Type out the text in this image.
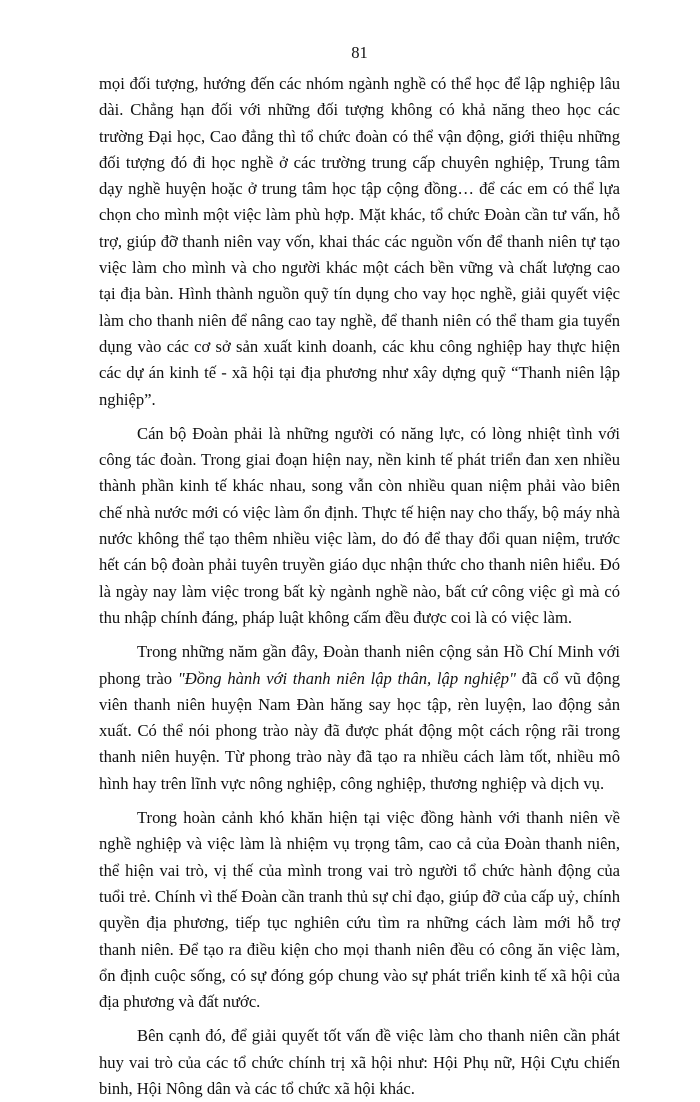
81

mọi đối tượng, hướng đến các nhóm ngành nghề có thể học để lập nghiệp lâu dài. Chẳng hạn đối với những đối tượng không có khả năng theo học các trường Đại học, Cao đẳng thì tổ chức đoàn có thể vận động, giới thiệu những đối tượng đó đi học nghề ở các trường trung cấp chuyên nghiệp, Trung tâm dạy nghề huyện hoặc ở trung tâm học tập cộng đồng… để các em có thể lựa chọn cho mình một việc làm phù hợp. Mặt khác, tổ chức Đoàn cần tư vấn, hỗ trợ, giúp đỡ thanh niên vay vốn, khai thác các nguồn vốn để thanh niên tự tạo việc làm cho mình và cho người khác một cách bền vững và chất lượng cao tại địa bàn. Hình thành nguồn quỹ tín dụng cho vay học nghề, giải quyết việc làm cho thanh niên để nâng cao tay nghề, để thanh niên có thể tham gia tuyển dụng vào các cơ sở sản xuất kinh doanh, các khu công nghiệp hay thực hiện các dự án kinh tế - xã hội tại địa phương như xây dựng quỹ “Thanh niên lập nghiệp”.

Cán bộ Đoàn phải là những người có năng lực, có lòng nhiệt tình với công tác đoàn. Trong giai đoạn hiện nay, nền kinh tế phát triển đan xen nhiều thành phần kinh tế khác nhau, song vẫn còn nhiều quan niệm phải vào biên chế nhà nước mới có việc làm ổn định. Thực tế hiện nay cho thấy, bộ máy nhà nước không thể tạo thêm nhiều việc làm, do đó để thay đổi quan niệm, trước hết cán bộ đoàn phải tuyên truyền giáo dục nhận thức cho thanh niên hiểu. Đó là ngày nay làm việc trong bất kỳ ngành nghề nào, bất cứ công việc gì mà có thu nhập chính đáng, pháp luật không cấm đều được coi là có việc làm.

Trong những năm gần đây, Đoàn thanh niên cộng sản Hồ Chí Minh với phong trào "Đồng hành với thanh niên lập thân, lập nghiệp" đã cổ vũ động viên thanh niên huyện Nam Đàn hăng say học tập, rèn luyện, lao động sản xuất. Có thể nói phong trào này đã được phát động một cách rộng rãi trong thanh niên huyện. Từ phong trào này đã tạo ra nhiều cách làm tốt, nhiều mô hình hay trên lĩnh vực nông nghiệp, công nghiệp, thương nghiệp và dịch vụ.

Trong hoàn cảnh khó khăn hiện tại việc đồng hành với thanh niên về nghề nghiệp và việc làm là nhiệm vụ trọng tâm, cao cả của Đoàn thanh niên, thể hiện vai trò, vị thế của mình trong vai trò người tổ chức hành động của tuổi trẻ. Chính vì thế Đoàn cần tranh thủ sự chỉ đạo, giúp đỡ của cấp uỷ, chính quyền địa phương, tiếp tục nghiên cứu tìm ra những cách làm mới hỗ trợ thanh niên. Để tạo ra điều kiện cho mọi thanh niên đều có công ăn việc làm, ổn định cuộc sống, có sự đóng góp chung vào sự phát triển kinh tế xã hội của địa phương và đất nước.

Bên cạnh đó, để giải quyết tốt vấn đề việc làm cho thanh niên cần phát huy vai trò của các tổ chức chính trị xã hội như: Hội Phụ nữ, Hội Cựu chiến binh, Hội Nông dân và các tổ chức xã hội khác.
